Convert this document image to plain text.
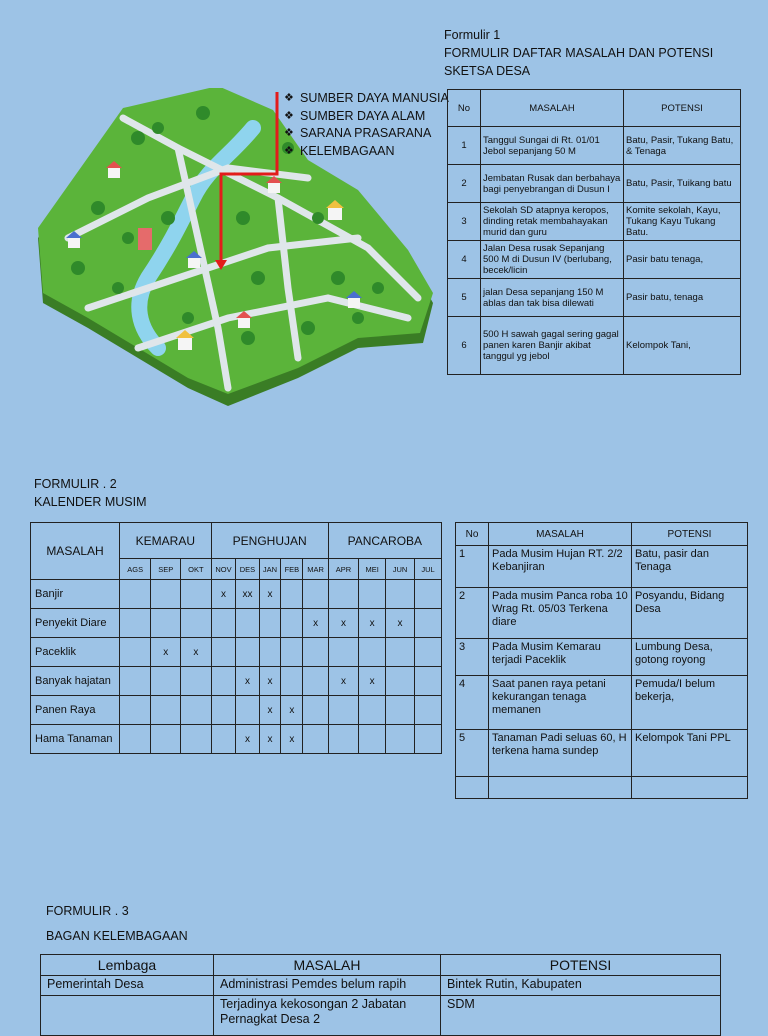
Formulir 1
FORMULIR DAFTAR MASALAH DAN POTENSI
SKETSA DESA
❖ SUMBER DAYA MANUSIA
❖ SUMBER DAYA ALAM
❖ SARANA PRASARANA
❖ KELEMBAGAAN
No	MASALAH	POTENSI
1	Tanggul Sungai di Rt. 01/01 Jebol sepanjang 50 M	Batu, Pasir, Tukang Batu, & Tenaga
2	Jembatan Rusak dan berbahaya bagi penyebrangan di Dusun I	Batu, Pasir, Tuikang batu
3	Sekolah SD atapnya keropos, dinding retak membahayakan murid dan guru	Komite sekolah, Kayu, Tukang Kayu Tukang Batu.
4	Jalan Desa rusak Sepanjang 500 M di Dusun IV (berlubang, becek/licin	Pasir batu tenaga,
5	jalan Desa sepanjang 150 M ablas dan tak bisa dilewati	Pasir batu, tenaga
6	500 H sawah gagal sering gagal panen karen Banjir akibat tanggul yg jebol	Kelompok Tani,
FORMULIR . 2
KALENDER MUSIM
MASALAH	KEMARAU			PENGHUJAN					PANCAROBA			
	AGS	SEP	OKT	NOV	DES	JAN	FEB	MAR	APR	MEI	JUN	JUL
Banjir				x	xx	x						
Penyekit Diare								x	x	x	x	
Paceklik		x	x									
Banyak hajatan					x	x			x	x		
Panen Raya						x	x					
Hama Tanaman					x	x	x					
No	MASALAH	POTENSI
1	Pada Musim Hujan RT. 2/2 Kebanjiran	Batu, pasir dan Tenaga
2	Pada musim Panca roba 10 Wrag Rt. 05/03 Terkena diare	Posyandu, Bidang Desa
3	Pada Musim Kemarau terjadi Paceklik	Lumbung Desa, gotong royong
4	Saat panen raya petani kekurangan tenaga memanen	Pemuda/I belum bekerja,
5	Tanaman Padi seluas 60, H terkena hama sundep	Kelompok Tani PPL

FORMULIR . 3
BAGAN KELEMBAGAAN
Lembaga	MASALAH	POTENSI
Pemerintah Desa	Administrasi Pemdes belum rapih	Bintek Rutin, Kabupaten
	Terjadinya kekosongan 2 Jabatan Pernagkat Desa 2	SDM
